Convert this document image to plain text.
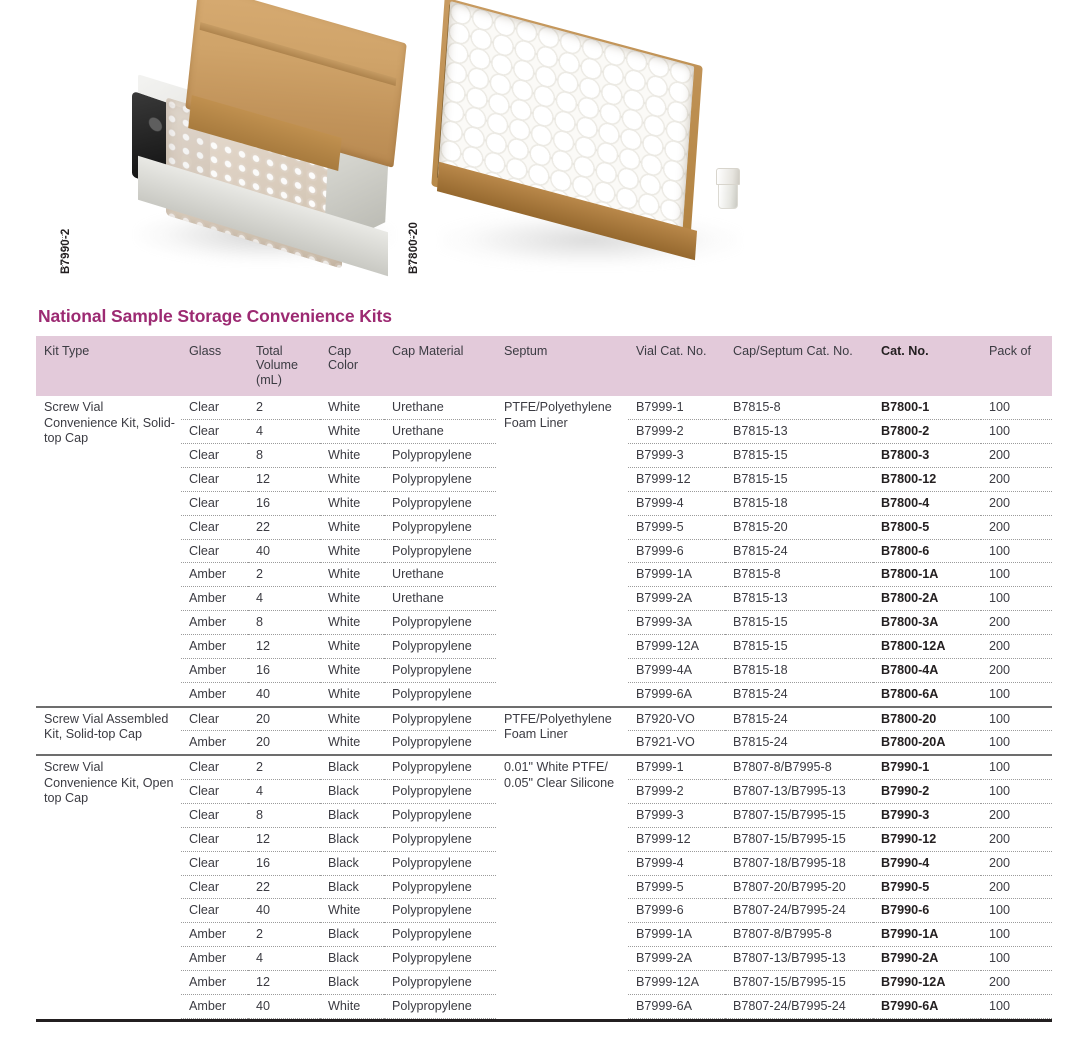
B7990-2	B7800-20
National Sample Storage Convenience Kits
Kit Type	Glass	Total Volume (mL)	Cap Color	Cap Material	Septum	Vial Cat. No.	Cap/Septum Cat. No.	Cat. No.	Pack of
Screw Vial Convenience Kit, Solid-top Cap	Clear	2	White	Urethane	PTFE/Polyethylene Foam Liner	B7999-1	B7815-8	B7800-1	100
	Clear	4	White	Urethane		B7999-2	B7815-13	B7800-2	100
	Clear	8	White	Polypropylene		B7999-3	B7815-15	B7800-3	200
	Clear	12	White	Polypropylene		B7999-12	B7815-15	B7800-12	200
	Clear	16	White	Polypropylene		B7999-4	B7815-18	B7800-4	200
	Clear	22	White	Polypropylene		B7999-5	B7815-20	B7800-5	200
	Clear	40	White	Polypropylene		B7999-6	B7815-24	B7800-6	100
	Amber	2	White	Urethane		B7999-1A	B7815-8	B7800-1A	100
	Amber	4	White	Urethane		B7999-2A	B7815-13	B7800-2A	100
	Amber	8	White	Polypropylene		B7999-3A	B7815-15	B7800-3A	200
	Amber	12	White	Polypropylene		B7999-12A	B7815-15	B7800-12A	200
	Amber	16	White	Polypropylene		B7999-4A	B7815-18	B7800-4A	200
	Amber	40	White	Polypropylene		B7999-6A	B7815-24	B7800-6A	100
Screw Vial Assembled Kit, Solid-top Cap	Clear	20	White	Polypropylene	PTFE/Polyethylene Foam Liner	B7920-VO	B7815-24	B7800-20	100
	Amber	20	White	Polypropylene		B7921-VO	B7815-24	B7800-20A	100
Screw Vial Convenience Kit, Open top Cap	Clear	2	Black	Polypropylene	0.01" White PTFE/ 0.05" Clear Silicone	B7999-1	B7807-8/B7995-8	B7990-1	100
	Clear	4	Black	Polypropylene		B7999-2	B7807-13/B7995-13	B7990-2	100
	Clear	8	Black	Polypropylene		B7999-3	B7807-15/B7995-15	B7990-3	200
	Clear	12	Black	Polypropylene		B7999-12	B7807-15/B7995-15	B7990-12	200
	Clear	16	Black	Polypropylene		B7999-4	B7807-18/B7995-18	B7990-4	200
	Clear	22	Black	Polypropylene		B7999-5	B7807-20/B7995-20	B7990-5	200
	Clear	40	White	Polypropylene		B7999-6	B7807-24/B7995-24	B7990-6	100
	Amber	2	Black	Polypropylene		B7999-1A	B7807-8/B7995-8	B7990-1A	100
	Amber	4	Black	Polypropylene		B7999-2A	B7807-13/B7995-13	B7990-2A	100
	Amber	12	Black	Polypropylene		B7999-12A	B7807-15/B7995-15	B7990-12A	200
	Amber	40	White	Polypropylene		B7999-6A	B7807-24/B7995-24	B7990-6A	100
